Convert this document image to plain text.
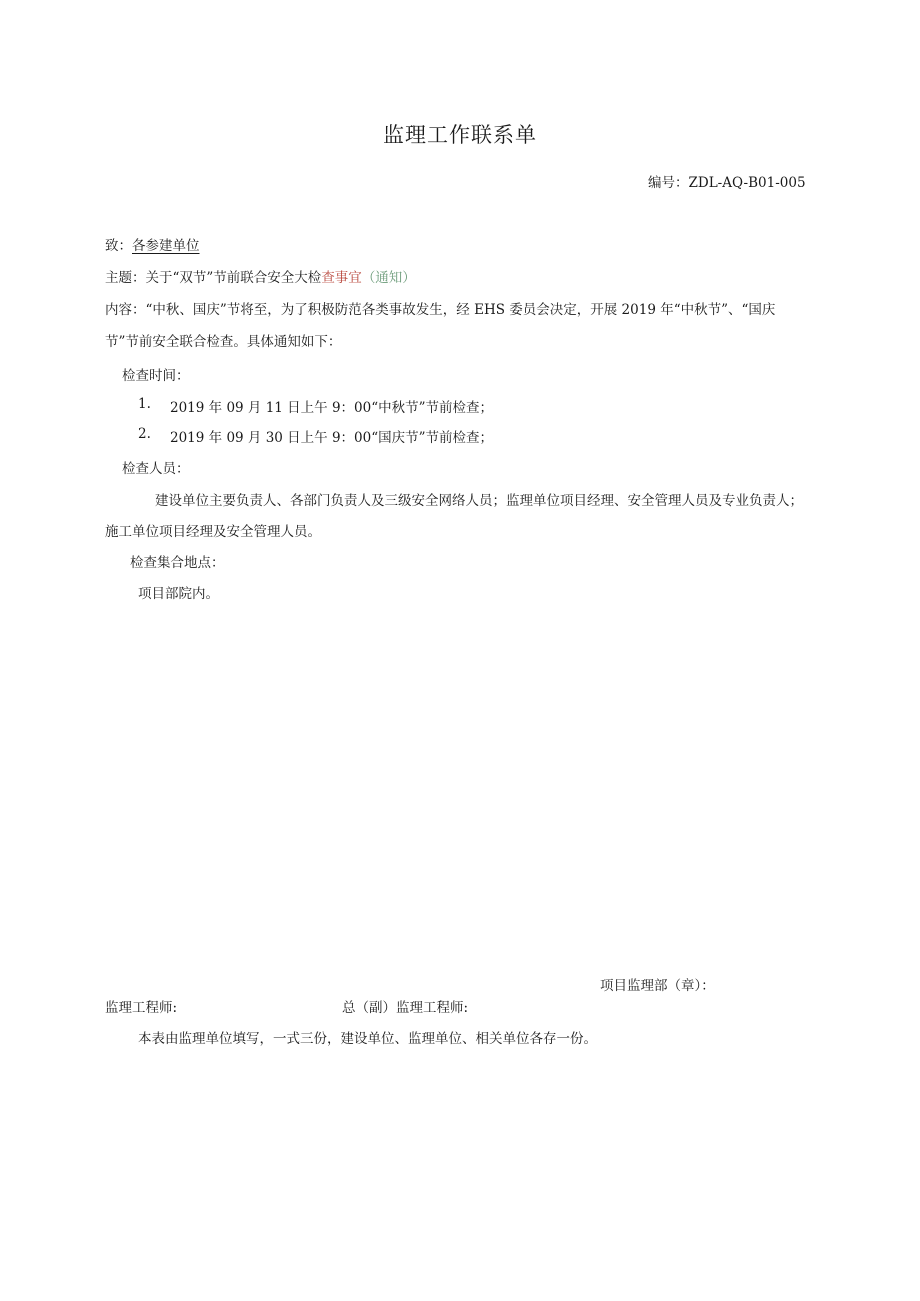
监理工作联系单
编号：ZDL-AQ-B01-005
致：各参建单位
主题：关于“双节”节前联合安全大检查事宜（通知）
内容：“中秋、国庆”节将至，为了积极防范各类事故发生，经 EHS 委员会决定，开展 2019 年“中秋节”、“国庆
节”节前安全联合检查。具体通知如下：
检查时间：
1. 2019 年 09 月 11 日上午 9：00“中秋节”节前检查；
2. 2019 年 09 月 30 日上午 9：00“国庆节”节前检查；
检查人员：
建设单位主要负责人、各部门负责人及三级安全网络人员；监理单位项目经理、安全管理人员及专业负责人；
施工单位项目经理及安全管理人员。
检查集合地点：
项目部院内。
项目监理部（章）：
监理工程师:	总（副）监理工程师:
本表由监理单位填写，一式三份，建设单位、监理单位、相关单位各存一份。
